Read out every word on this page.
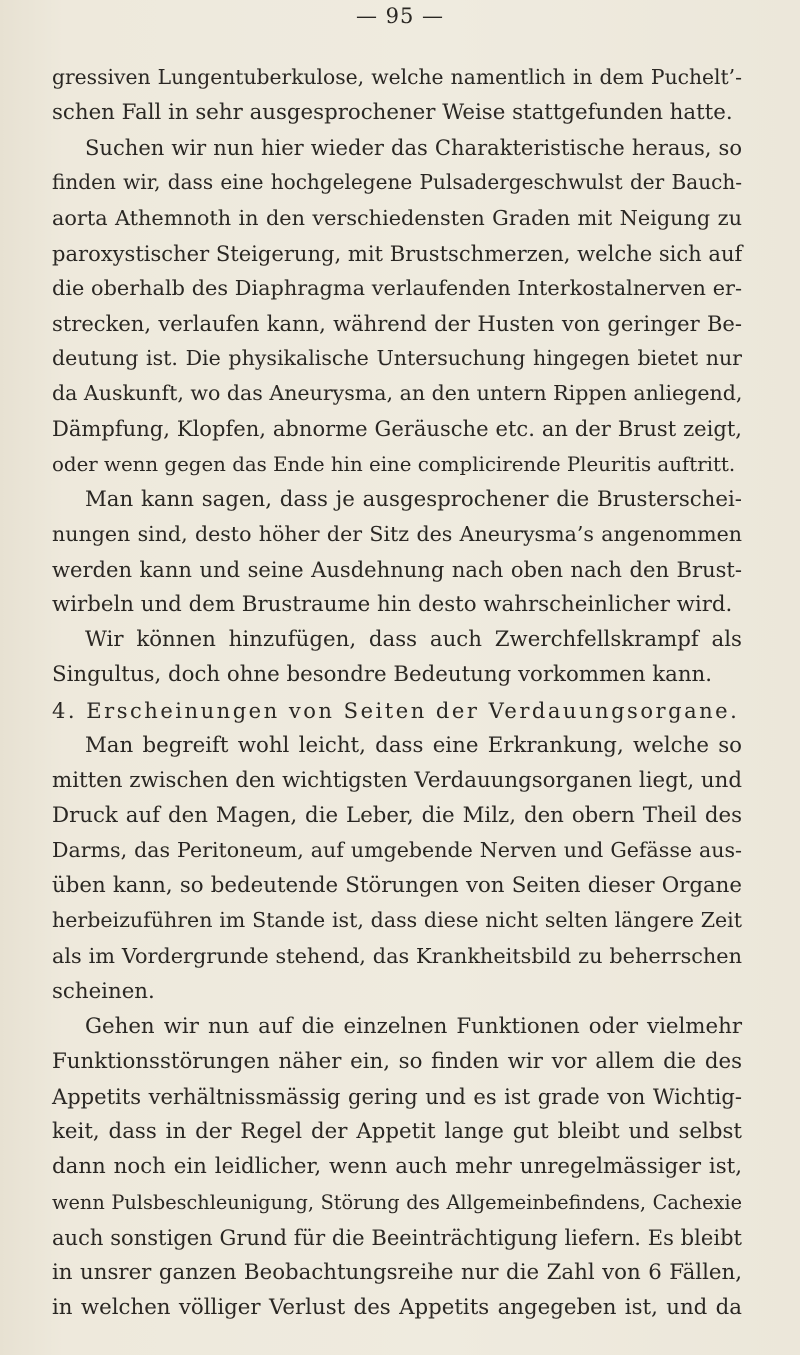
— 95 —
gressiven Lungentuberkulose, welche namentlich in dem Puchelt’-
schen Fall in sehr ausgesprochener Weise stattgefunden hatte.
Suchen wir nun hier wieder das Charakteristische heraus, so
finden wir, dass eine hochgelegene Pulsadergeschwulst der Bauch-
aorta Athemnoth in den verschiedensten Graden mit Neigung zu
paroxystischer Steigerung, mit Brustschmerzen, welche sich auf
die oberhalb des Diaphragma verlaufenden Interkostalnerven er-
strecken, verlaufen kann, während der Husten von geringer Be-
deutung ist. Die physikalische Untersuchung hingegen bietet nur
da Auskunft, wo das Aneurysma, an den untern Rippen anliegend,
Dämpfung, Klopfen, abnorme Geräusche etc. an der Brust zeigt,
oder wenn gegen das Ende hin eine complicirende Pleuritis auftritt.
Man kann sagen, dass je ausgesprochener die Brusterschei-
nungen sind, desto höher der Sitz des Aneurysma’s angenommen
werden kann und seine Ausdehnung nach oben nach den Brust-
wirbeln und dem Brustraume hin desto wahrscheinlicher wird.
Wir können hinzufügen, dass auch Zwerchfellskrampf als
Singultus, doch ohne besondre Bedeutung vorkommen kann.
4. Erscheinungen von Seiten der Verdauungsorgane.
Man begreift wohl leicht, dass eine Erkrankung, welche so
mitten zwischen den wichtigsten Verdauungsorganen liegt, und
Druck auf den Magen, die Leber, die Milz, den obern Theil des
Darms, das Peritoneum, auf umgebende Nerven und Gefässe aus-
üben kann, so bedeutende Störungen von Seiten dieser Organe
herbeizuführen im Stande ist, dass diese nicht selten längere Zeit
als im Vordergrunde stehend, das Krankheitsbild zu beherrschen
scheinen.
Gehen wir nun auf die einzelnen Funktionen oder vielmehr
Funktionsstörungen näher ein, so finden wir vor allem die des
Appetits verhältnissmässig gering und es ist grade von Wichtig-
keit, dass in der Regel der Appetit lange gut bleibt und selbst
dann noch ein leidlicher, wenn auch mehr unregelmässiger ist,
wenn Pulsbeschleunigung, Störung des Allgemeinbefindens, Cachexie
auch sonstigen Grund für die Beeinträchtigung liefern. Es bleibt
in unsrer ganzen Beobachtungsreihe nur die Zahl von 6 Fällen,
in welchen völliger Verlust des Appetits angegeben ist, und da
